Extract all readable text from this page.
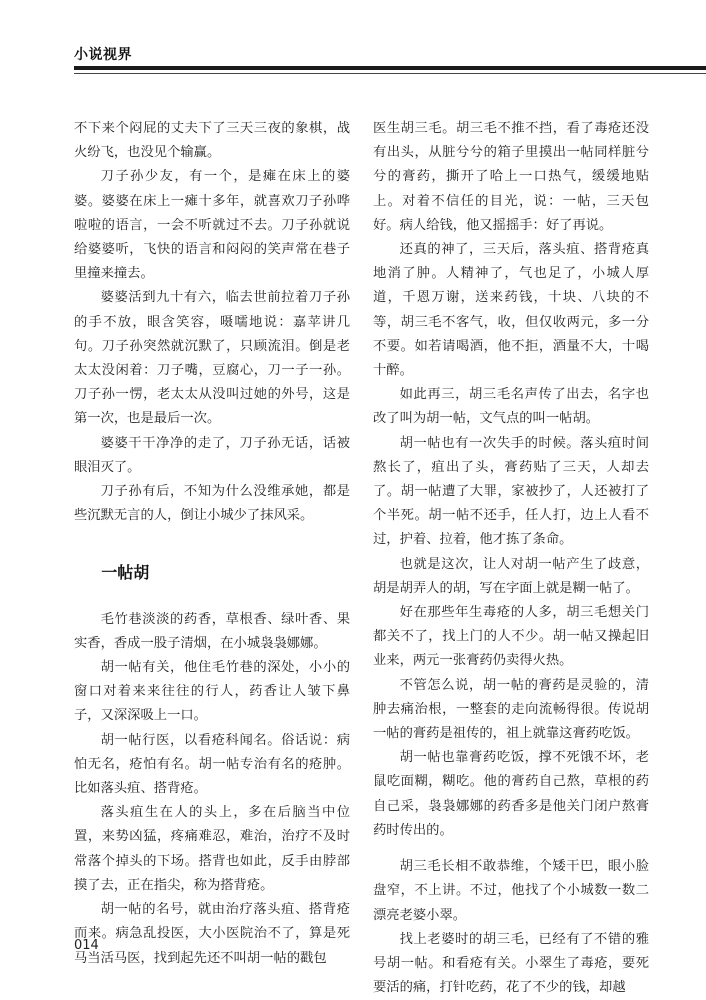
小说视界

不下来个闷屁的丈夫下了三天三夜的象棋，战火纷飞，也没见个输赢。

刀子孙少友，有一个，是瘫在床上的婆婆。婆婆在床上一瘫十多年，就喜欢刀子孙哗啦啦的语言，一会不听就过不去。刀子孙就说给婆婆听，飞快的语言和闷闷的笑声常在巷子里撞来撞去。

婆婆活到九十有六，临去世前拉着刀子孙的手不放，眼含笑容，嗫嚅地说：嘉苹讲几句。刀子孙突然就沉默了，只顾流泪。倒是老太太没闲着：刀子嘴，豆腐心，刀一子一孙。刀子孙一愣，老太太从没叫过她的外号，这是第一次，也是最后一次。

婆婆干干净净的走了，刀子孙无话，话被眼泪灭了。

刀子孙有后，不知为什么没维承她，都是些沉默无言的人，倒让小城少了抹风采。

一帖胡

毛竹巷淡淡的药香，草根香、绿叶香、果实香，香成一股子清烟，在小城袅袅娜娜。

胡一帖有关，他住毛竹巷的深处，小小的窗口对着来来往往的行人，药香让人皱下鼻子，又深深吸上一口。

胡一帖行医，以看疮科闻名。俗话说：病怕无名，疮怕有名。胡一帖专治有名的疮肿。比如落头疽、搭背疮。

落头疽生在人的头上，多在后脑当中位置，来势凶猛，疼痛难忍，难治，治疗不及时常落个掉头的下场。搭背也如此，反手由脖部摸了去，正在指尖，称为搭背疮。

胡一帖的名号，就由治疗落头疽、搭背疮而来。病急乱投医，大小医院治不了，算是死马当活马医，找到起先还不叫胡一帖的戳包

医生胡三毛。胡三毛不推不挡，看了毒疮还没有出头，从脏兮兮的箱子里摸出一帖同样脏兮兮的膏药，撕开了哈上一口热气，缓缓地贴上。对着不信任的目光，说：一帖，三天包好。病人给钱，他又摇摇手：好了再说。

还真的神了，三天后，落头疽、搭背疮真地消了肿。人精神了，气也足了，小城人厚道，千恩万谢，送来药钱，十块、八块的不等，胡三毛不客气，收，但仅收两元，多一分不要。如若请喝酒，他不拒，酒量不大，十喝十醉。

如此再三，胡三毛名声传了出去，名字也改了叫为胡一帖，文气点的叫一帖胡。

胡一帖也有一次失手的时候。落头疽时间熬长了，疽出了头，膏药贴了三天，人却去了。胡一帖遭了大罪，家被抄了，人还被打了个半死。胡一帖不还手，任人打，边上人看不过，护着、拉着，他才拣了条命。

也就是这次，让人对胡一帖产生了歧意，胡是胡弄人的胡，写在字面上就是糊一帖了。

好在那些年生毒疮的人多，胡三毛想关门都关不了，找上门的人不少。胡一帖又操起旧业来，两元一张膏药仍卖得火热。

不管怎么说，胡一帖的膏药是灵验的，清肿去痛治根，一整套的走向流畅得很。传说胡一帖的膏药是祖传的，祖上就靠这膏药吃饭。

胡一帖也靠膏药吃饭，撑不死饿不坏，老鼠吃面糊，糊吃。他的膏药自己熬，草根的药自己采，袅袅娜娜的药香多是他关门闭户熬膏药时传出的。

胡三毛长相不敢恭维，个矮干巴，眼小脸盘窄，不上讲。不过，他找了个小城数一数二漂亮老婆小翠。

找上老婆时的胡三毛，已经有了不错的雅号胡一帖。和看疮有关。小翠生了毒疮，要死要活的痛，打针吃药，花了不少的钱，却越

014
